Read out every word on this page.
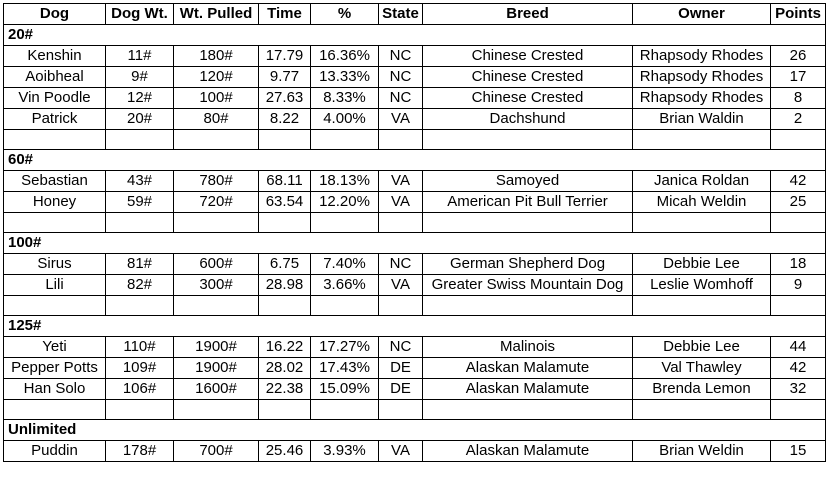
Dog	Dog Wt.	Wt. Pulled	Time	%	State	Breed	Owner	Points
20#								
Kenshin	11#	180#	17.79	16.36%	NC	Chinese Crested	Rhapsody Rhodes	26
Aoibheal	9#	120#	9.77	13.33%	NC	Chinese Crested	Rhapsody Rhodes	17
Vin Poodle	12#	100#	27.63	8.33%	NC	Chinese Crested	Rhapsody Rhodes	8
Patrick	20#	80#	8.22	4.00%	VA	Dachshund	Brian Waldin	2

60#								
Sebastian	43#	780#	68.11	18.13%	VA	Samoyed	Janica Roldan	42
Honey	59#	720#	63.54	12.20%	VA	American Pit Bull Terrier	Micah Weldin	25

100#								
Sirus	81#	600#	6.75	7.40%	NC	German Shepherd Dog	Debbie Lee	18
Lili	82#	300#	28.98	3.66%	VA	Greater Swiss Mountain Dog	Leslie Womhoff	9

125#								
Yeti	110#	1900#	16.22	17.27%	NC	Malinois	Debbie Lee	44
Pepper Potts	109#	1900#	28.02	17.43%	DE	Alaskan Malamute	Val Thawley	42
Han Solo	106#	1600#	22.38	15.09%	DE	Alaskan Malamute	Brenda Lemon	32

Unlimited								
Puddin	178#	700#	25.46	3.93%	VA	Alaskan Malamute	Brian Weldin	15
